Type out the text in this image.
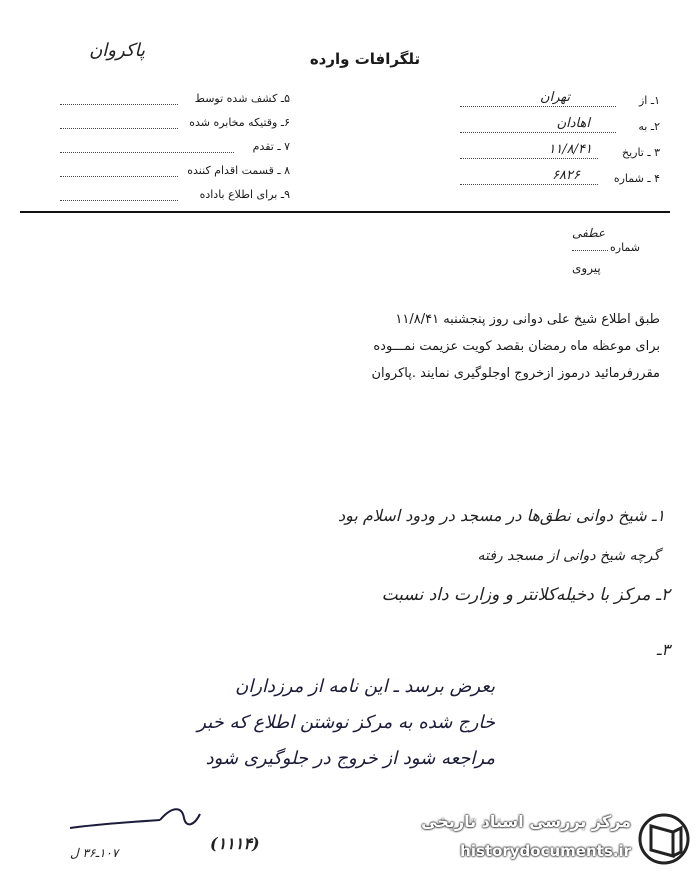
پاکروان	تلگرافات وارده
۱ـ از
تهران
۲ـ به
اهادان
۳ ـ تاریخ
۱۱/۸/۴۱
۴ ـ شماره
۶۸۲۶
۵ـ کشف شده توسط
۶ـ وقتیکه مخابره شده
۷ ـ تقدم
۸ ـ قسمت اقدام کننده
۹ـ برای اطلاع باداده
شماره
عطفی
پیروی
طبق اطلاع شیخ علی دوانی روز پنجشنبه ۱۱/۸/۴۱
برای موعظه ماه رمضان بقصد کویت عزیمت نمـــوده
مقررفرمائید درموز ازخروج اوجلوگیری نمایند .پاکروان
۱ـ شیخ دوانی نطق‌ها در مسجد در ودود اسلام بود
گرچه شیخ دوانی از مسجد رفته
۲ـ مرکز با دخیله‌کلانتر و وزارت داد نسبت
۳ـ
بعرض برسد ـ این نامه از مرزداران
خارج شده به مرکز نوشتن اطلاع که خبر
مراجعه شود از خروج در جلوگیری شود
۱۰۷ـ۳۶ ل	(۱۱۱۴)
مرکز بررسی اسناد تاریخی
historydocuments.ir
